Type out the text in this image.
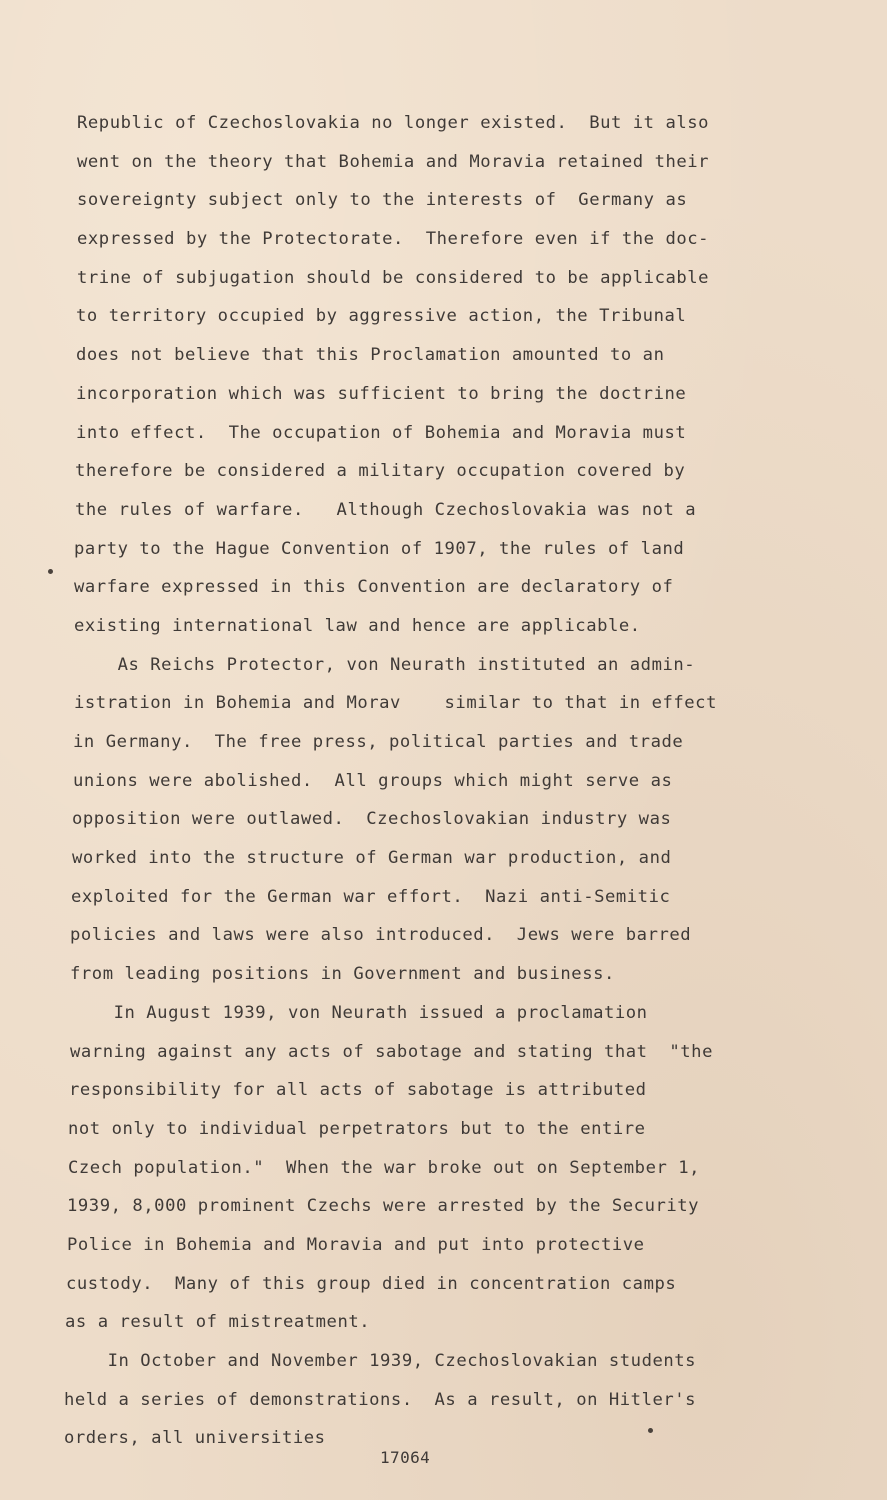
Republic of Czechoslovakia no longer existed.  But it also
went on the theory that Bohemia and Moravia retained their
sovereignty subject only to the interests of  Germany as
expressed by the Protectorate.  Therefore even if the doc-
trine of subjugation should be considered to be applicable
to territory occupied by aggressive action, the Tribunal
does not believe that this Proclamation amounted to an
incorporation which was sufficient to bring the doctrine
into effect.  The occupation of Bohemia and Moravia must
therefore be considered a military occupation covered by
the rules of warfare.   Although Czechoslovakia was not a
party to the Hague Convention of 1907, the rules of land
warfare expressed in this Convention are declaratory of
existing international law and hence are applicable.
As Reichs Protector, von Neurath instituted an admin-
istration in Bohemia and Morav    similar to that in effect
in Germany.  The free press, political parties and trade
unions were abolished.  All groups which might serve as
opposition were outlawed.  Czechoslovakian industry was
worked into the structure of German war production, and
exploited for the German war effort.  Nazi anti-Semitic
policies and laws were also introduced.  Jews were barred
from leading positions in Government and business.
In August 1939, von Neurath issued a proclamation
warning against any acts of sabotage and stating that  "the
responsibility for all acts of sabotage is attributed
not only to individual perpetrators but to the entire
Czech population."  When the war broke out on September 1,
1939, 8,000 prominent Czechs were arrested by the Security
Police in Bohemia and Moravia and put into protective
custody.  Many of this group died in concentration camps
as a result of mistreatment.
In October and November 1939, Czechoslovakian students
held a series of demonstrations.  As a result, on Hitler's
orders, all universities
17064
